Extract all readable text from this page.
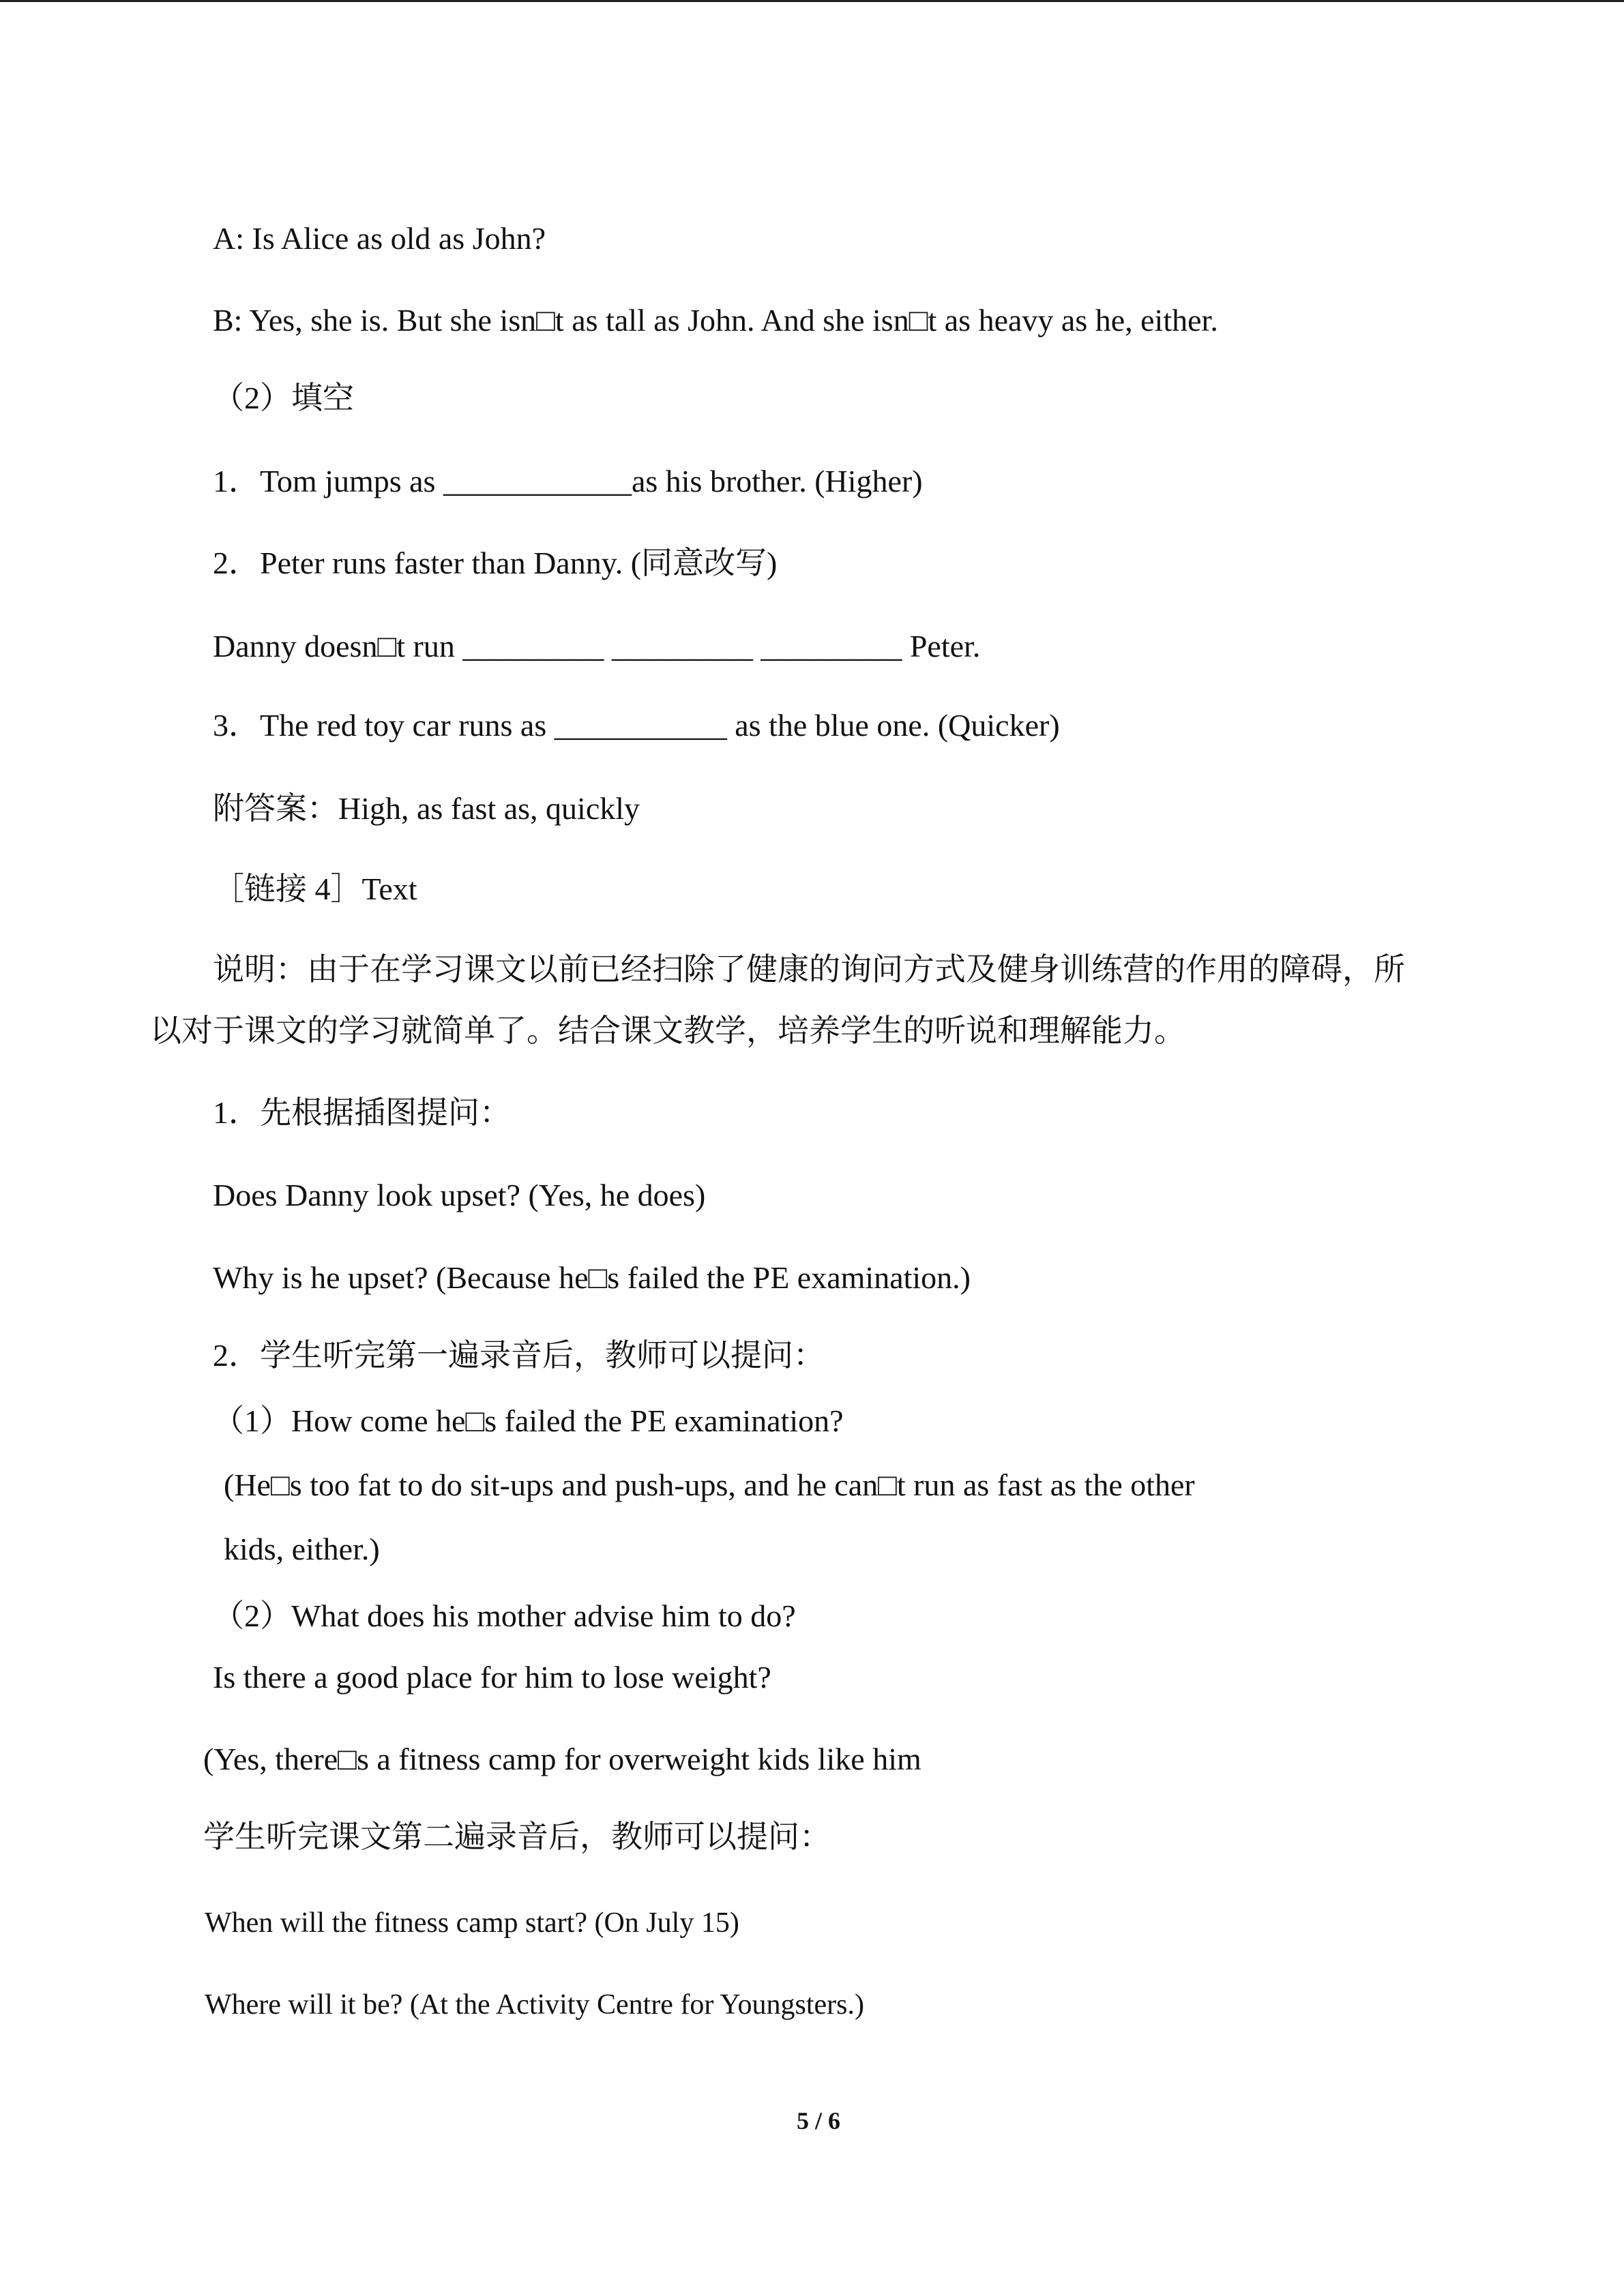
A: Is Alice as old as John?
B: Yes, she is. But she isn□t as tall as John. And she isn□t as heavy as he, either.
（2）填空
1．Tom jumps as ____________as his brother. (Higher)
2．Peter runs faster than Danny. (同意改写)
Danny doesn□t run _________ _________ _________ Peter.
3．The red toy car runs as ___________ as the blue one. (Quicker)
附答案：High, as fast as, quickly
［链接 4］Text
说明：由于在学习课文以前已经扫除了健康的询问方式及健身训练营的作用的障碍，所
以对于课文的学习就简单了。结合课文教学，培养学生的听说和理解能力。
1．先根据插图提问：
Does Danny look upset? (Yes, he does)
Why is he upset? (Because he□s failed the PE examination.)
2．学生听完第一遍录音后，教师可以提问：
（1）How come he□s failed the PE examination?
(He□s too fat to do sit-ups and push-ups, and he can□t run as fast as the other
kids, either.)
（2）What does his mother advise him to do?
Is there a good place for him to lose weight?
(Yes, there□s a fitness camp for overweight kids like him
学生听完课文第二遍录音后，教师可以提问：
When will the fitness camp start? (On July 15)
Where will it be? (At the Activity Centre for Youngsters.)
5 / 6
